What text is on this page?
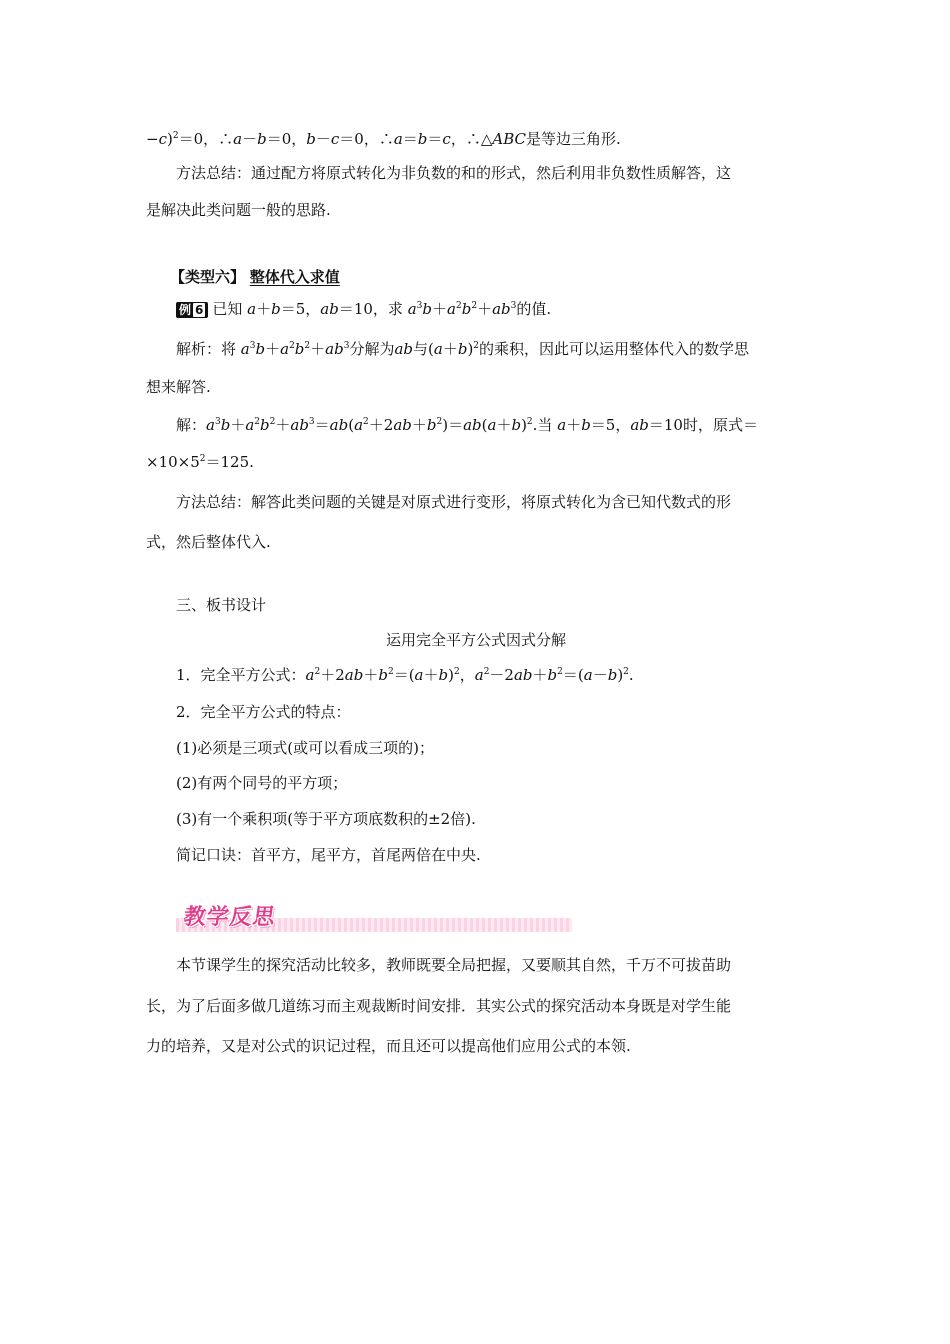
−c)$^2$＝0，∴a－b＝0，b－c＝0，∴a＝b＝c，∴△ABC是等边三角形.
方法总结：通过配方将原式转化为非负数的和的形式，然后利用非负数性质解答，这
是解决此类问题一般的思路.
【类型六】 整体代入求值
例 6 已知 a＋b＝5，ab＝10，求 $a^3b+a^2b^2+ab^3$的值.
解析：将 $a^3b+a^2b^2+ab^3$分解为ab与$(a+b)^2$的乘积，因此可以运用整体代入的数学思
想来解答.
解：$a^3b+a^2b^2+ab^3=ab(a^2+2ab+b^2)=ab(a+b)^2$.当 a＋b＝5，ab＝10时，原式＝
$\times 10\times 5^2=125$.
方法总结：解答此类问题的关键是对原式进行变形，将原式转化为含已知代数式的形
式，然后整体代入.
三、板书设计
运用完全平方公式因式分解
1．完全平方公式：$a^2+2ab+b^2=(a+b)^2$，$a^2-2ab+b^2=(a-b)^2$.
2．完全平方公式的特点：
(1)必须是三项式(或可以看成三项的)；
(2)有两个同号的平方项；
(3)有一个乘积项(等于平方项底数积的±2倍).
简记口诀：首平方，尾平方，首尾两倍在中央.
教学反思
本节课学生的探究活动比较多，教师既要全局把握，又要顺其自然，千万不可拔苗助
长，为了后面多做几道练习而主观裁断时间安排．其实公式的探究活动本身既是对学生能
力的培养，又是对公式的识记过程，而且还可以提高他们应用公式的本领.
